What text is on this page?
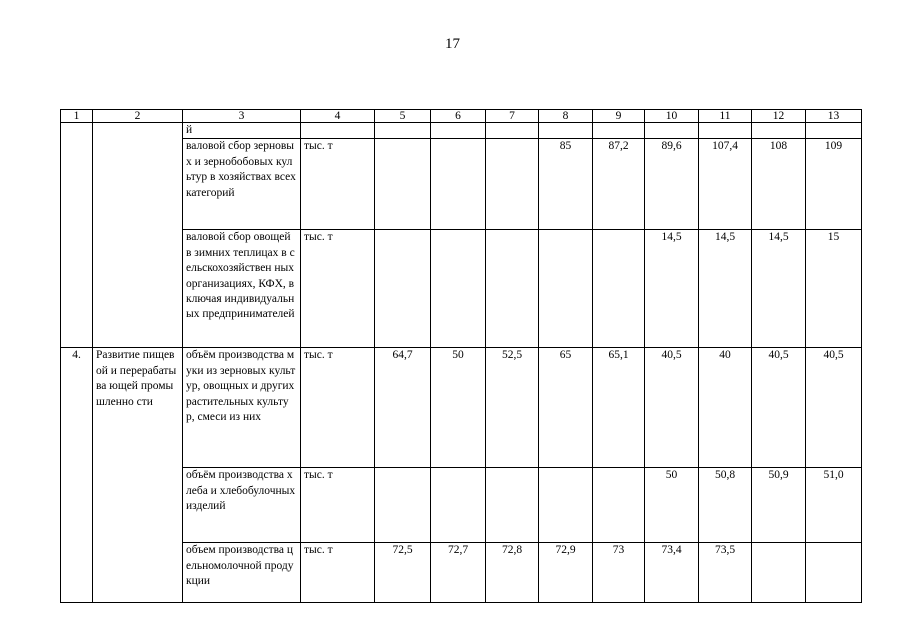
17
1	2	3	4	5	6	7	8	9	10	11	12	13
		й										
		валовой сбор зерновых и зернобобовых культур в хозяйствах всех категорий	тыс. т				85	87,2	89,6	107,4	108	109
		валовой сбор овощей в зимних теплицах в сельскохозяйствен ных организациях, КФХ, включая индивидуальных предпринимателей	тыс. т						14,5	14,5	14,5	15
4.	Развитие пищевой и перерабатыва ющей промышленно сти	объём производства муки из зерновых культур, овощных и других растительных культур, смеси из них	тыс. т	64,7	50	52,5	65	65,1	40,5	40	40,5	40,5
		объём производства хлеба и хлебобулочных изделий	тыс. т						50	50,8	50,9	51,0
		объем производства цельномолочной продукции	тыс. т	72,5	72,7	72,8	72,9	73	73,4	73,5		
